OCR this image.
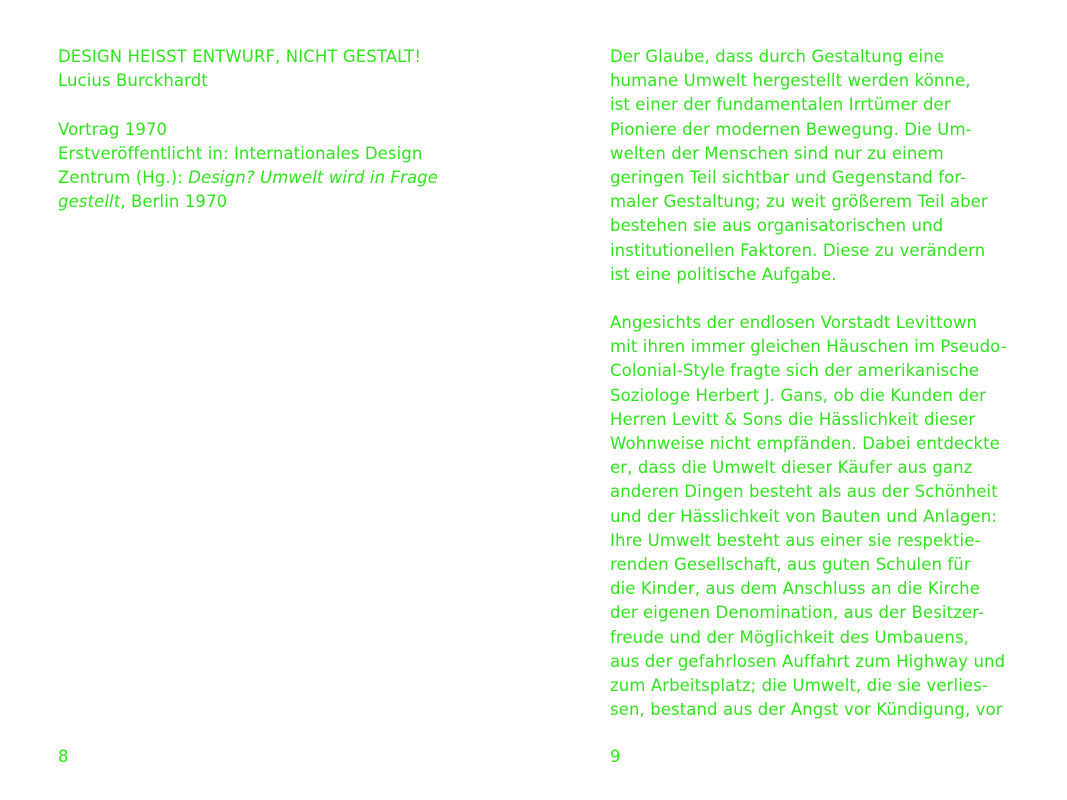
DESIGN HEISST ENTWURF, NICHT GESTALT!
Lucius Burckhardt
Vortrag 1970
Erstveröffentlicht in: Internationales Design
Zentrum (Hg.): Design? Umwelt wird in Frage
gestellt, Berlin 1970
8
Der Glaube, dass durch Gestaltung eine
humane Umwelt hergestellt werden könne,
ist einer der fundamentalen Irrtümer der
Pioniere der modernen Bewegung. Die Um-
welten der Menschen sind nur zu einem
geringen Teil sichtbar und Gegenstand for-
maler Gestaltung; zu weit größerem Teil aber
bestehen sie aus organisatorischen und
institutionellen Faktoren. Diese zu verändern
ist eine politische Aufgabe.
Angesichts der endlosen Vorstadt Levittown
mit ihren immer gleichen Häuschen im Pseudo-
Colonial-Style fragte sich der amerikanische
Soziologe Herbert J. Gans, ob die Kunden der
Herren Levitt & Sons die Hässlichkeit dieser
Wohnweise nicht empfänden. Dabei entdeckte
er, dass die Umwelt dieser Käufer aus ganz
anderen Dingen besteht als aus der Schönheit
und der Hässlichkeit von Bauten und Anlagen:
Ihre Umwelt besteht aus einer sie respektie-
renden Gesellschaft, aus guten Schulen für
die Kinder, aus dem Anschluss an die Kirche
der eigenen Denomination, aus der Besitzer-
freude und der Möglichkeit des Umbauens,
aus der gefahrlosen Auffahrt zum Highway und
zum Arbeitsplatz; die Umwelt, die sie verlies-
sen, bestand aus der Angst vor Kündigung, vor
9
